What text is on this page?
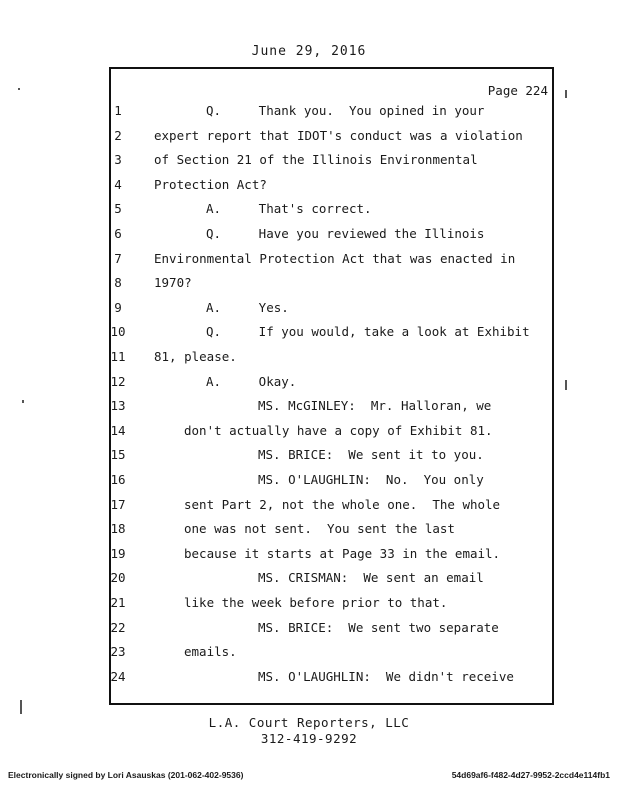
June 29, 2016
Page 224
1	Q.     Thank you.  You opined in your
2	expert report that IDOT's conduct was a violation
3	of Section 21 of the Illinois Environmental
4	Protection Act?
5	A.     That's correct.
6	Q.     Have you reviewed the Illinois
7	Environmental Protection Act that was enacted in
8	1970?
9	A.     Yes.
10	Q.     If you would, take a look at Exhibit
11	81, please.
12	A.     Okay.
13	MS. McGINLEY:  Mr. Halloran, we
14	don't actually have a copy of Exhibit 81.
15	MS. BRICE:  We sent it to you.
16	MS. O'LAUGHLIN:  No.  You only
17	sent Part 2, not the whole one.  The whole
18	one was not sent.  You sent the last
19	because it starts at Page 33 in the email.
20	MS. CRISMAN:  We sent an email
21	like the week before prior to that.
22	MS. BRICE:  We sent two separate
23	emails.
24	MS. O'LAUGHLIN:  We didn't receive
L.A. Court Reporters, LLC
312-419-9292
Electronically signed by Lori Asauskas (201-062-402-9536)	54d69af6-f482-4d27-9952-2ccd4e114fb1
